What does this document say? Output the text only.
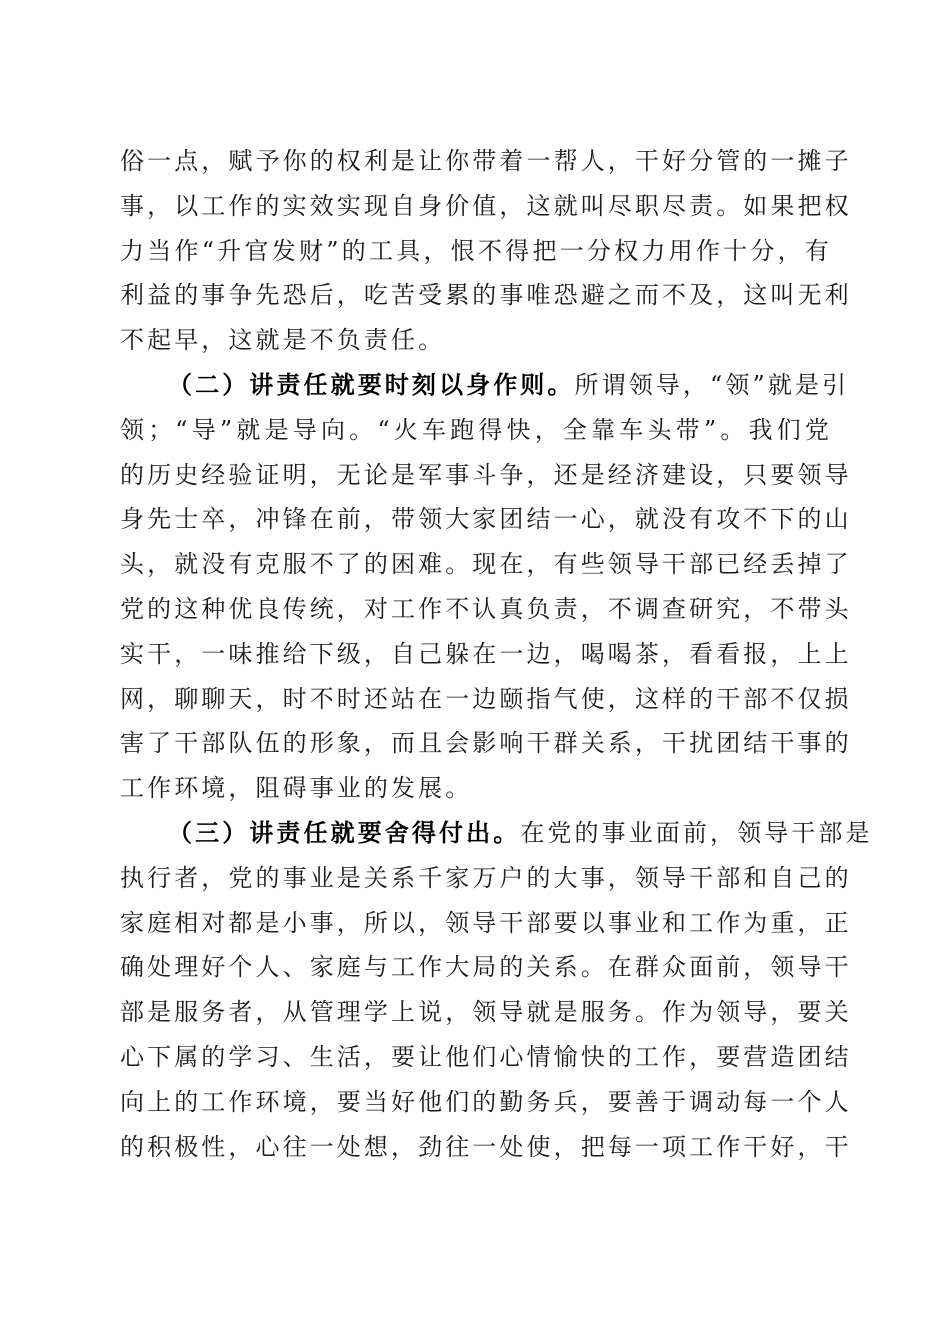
俗一点，赋予你的权利是让你带着一帮人，干好分管的一摊子
事，以工作的实效实现自身价值，这就叫尽职尽责。如果把权
力当作“升官发财”的工具，恨不得把一分权力用作十分，有
利益的事争先恐后，吃苦受累的事唯恐避之而不及，这叫无利
不起早，这就是不负责任。
（二）讲责任就要时刻以身作则。所谓领导，“领”就是引
领；“导”就是导向。“火车跑得快，全靠车头带”。我们党
的历史经验证明，无论是军事斗争，还是经济建设，只要领导
身先士卒，冲锋在前，带领大家团结一心，就没有攻不下的山
头，就没有克服不了的困难。现在，有些领导干部已经丢掉了
党的这种优良传统，对工作不认真负责，不调查研究，不带头
实干，一味推给下级，自己躲在一边，喝喝茶，看看报，上上
网，聊聊天，时不时还站在一边颐指气使，这样的干部不仅损
害了干部队伍的形象，而且会影响干群关系，干扰团结干事的
工作环境，阻碍事业的发展。
（三）讲责任就要舍得付出。在党的事业面前，领导干部是
执行者，党的事业是关系千家万户的大事，领导干部和自己的
家庭相对都是小事，所以，领导干部要以事业和工作为重，正
确处理好个人、家庭与工作大局的关系。在群众面前，领导干
部是服务者，从管理学上说，领导就是服务。作为领导，要关
心下属的学习、生活，要让他们心情愉快的工作，要营造团结
向上的工作环境，要当好他们的勤务兵，要善于调动每一个人
的积极性，心往一处想，劲往一处使，把每一项工作干好，干
